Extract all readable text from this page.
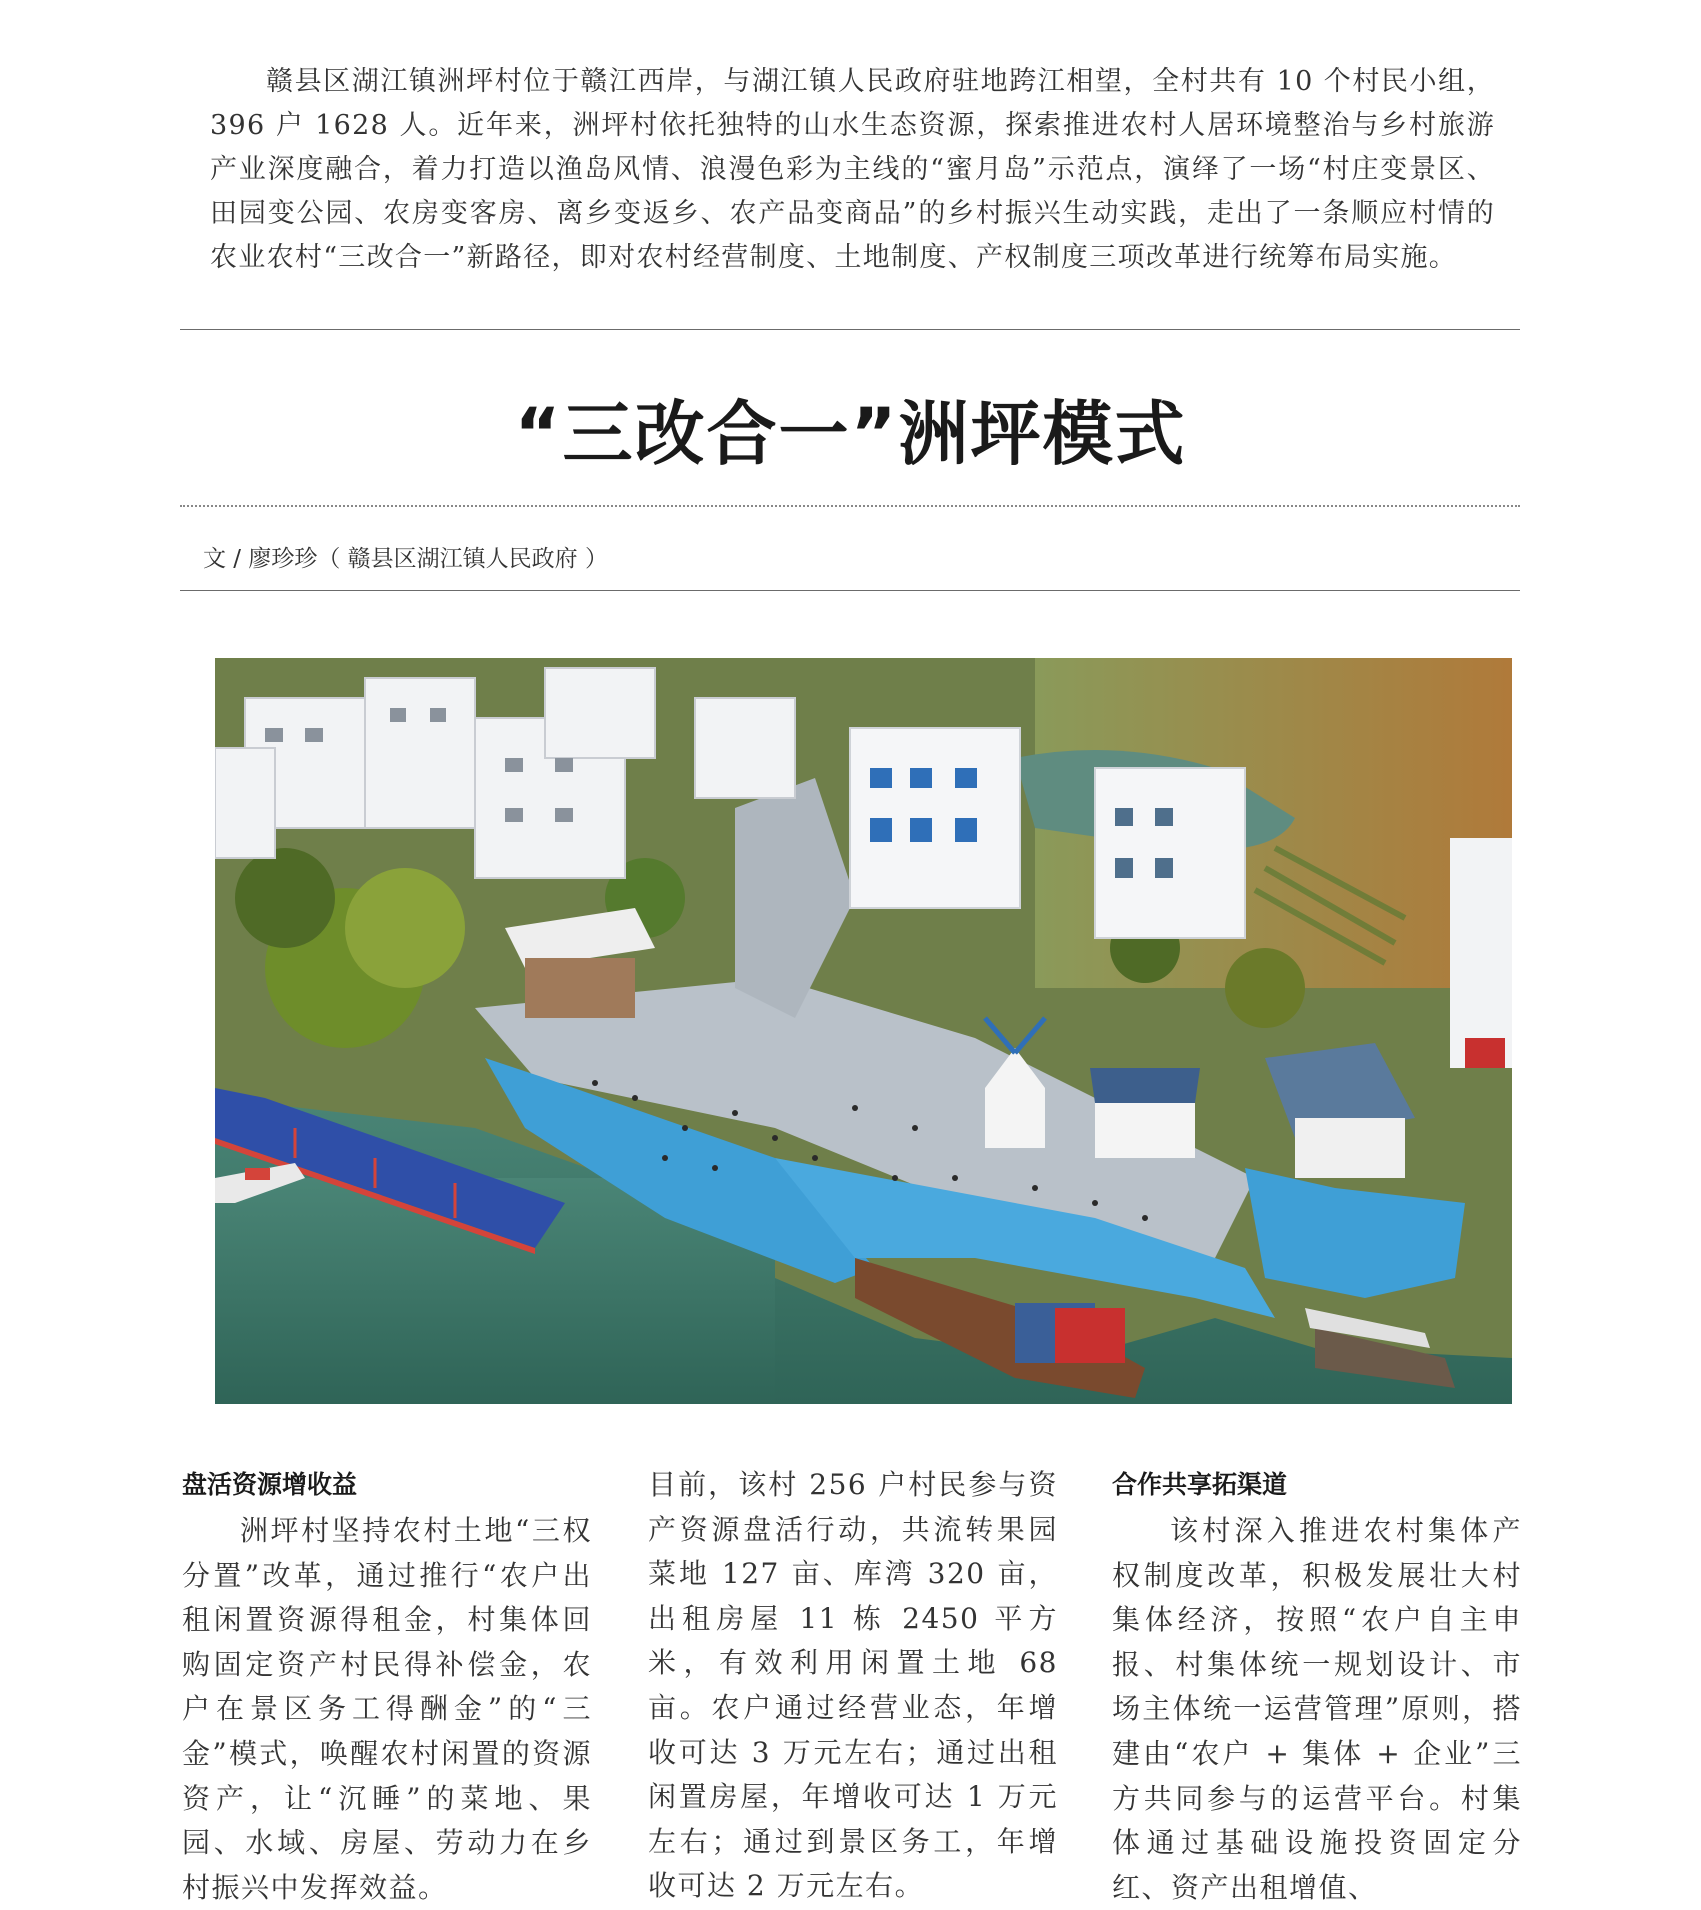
赣县区湖江镇洲坪村位于赣江西岸，与湖江镇人民政府驻地跨江相望，全村共有 10 个村民小组，396 户 1628 人。近年来，洲坪村依托独特的山水生态资源，探索推进农村人居环境整治与乡村旅游产业深度融合，着力打造以渔岛风情、浪漫色彩为主线的“蜜月岛”示范点，演绎了一场“村庄变景区、田园变公园、农房变客房、离乡变返乡、农产品变商品”的乡村振兴生动实践，走出了一条顺应村情的农业农村“三改合一”新路径，即对农村经营制度、土地制度、产权制度三项改革进行统筹布局实施。

“三改合一”洲坪模式

文 / 廖珍珍（ 赣县区湖江镇人民政府 ）

盘活资源增收益

洲坪村坚持农村土地“三权分置”改革，通过推行“农户出租闲置资源得租金，村集体回购固定资产村民得补偿金，农户在景区务工得酬金”的“三金”模式，唤醒农村闲置的资源资产，让“沉睡”的菜地、果园、水域、房屋、劳动力在乡村振兴中发挥效益。

目前，该村 256 户村民参与资产资源盘活行动，共流转果园菜地 127 亩、库湾 320 亩，出租房屋 11 栋 2450 平方米，有效利用闲置土地 68 亩。农户通过经营业态，年增收可达 3 万元左右；通过出租闲置房屋，年增收可达 1 万元左右；通过到景区务工，年增收可达 2 万元左右。

合作共享拓渠道

该村深入推进农村集体产权制度改革，积极发展壮大村集体经济，按照“农户自主申报、村集体统一规划设计、市场主体统一运营管理”原则，搭建由“农户 + 集体 + 企业”三方共同参与的运营平台。村集体通过基础设施投资固定分红、资产出租增值、
